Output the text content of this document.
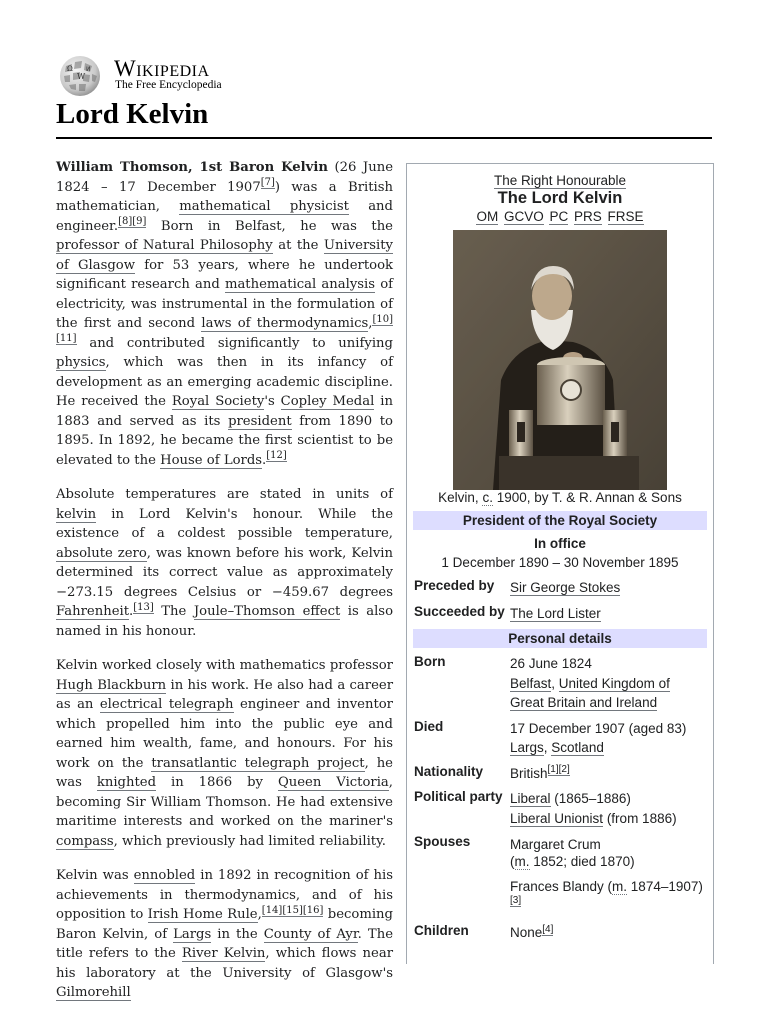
Ω
W
И Wikipedia
The Free Encyclopedia
Lord Kelvin

William Thomson, 1st Baron Kelvin (26 June 1824 – 17 December 1907[7]) was a British mathematician, mathematical physicist and engineer.[8][9] Born in Belfast, he was the professor of Natural Philosophy at the University of Glasgow for 53 years, where he undertook significant research and mathematical analysis of electricity, was instrumental in the formulation of the first and second laws of thermodynamics,[10][11] and contributed significantly to unifying physics, which was then in its infancy of development as an emerging academic discipline. He received the Royal Society's Copley Medal in 1883 and served as its president from 1890 to 1895. In 1892, he became the first scientist to be elevated to the House of Lords.[12]

Absolute temperatures are stated in units of kelvin in Lord Kelvin's honour. While the existence of a coldest possible temperature, absolute zero, was known before his work, Kelvin determined its correct value as approximately −273.15 degrees Celsius or −459.67 degrees Fahrenheit.[13] The Joule–Thomson effect is also named in his honour.

Kelvin worked closely with mathematics professor Hugh Blackburn in his work. He also had a career as an electrical telegraph engineer and inventor which propelled him into the public eye and earned him wealth, fame, and honours. For his work on the transatlantic telegraph project, he was knighted in 1866 by Queen Victoria, becoming Sir William Thomson. He had extensive maritime interests and worked on the mariner's compass, which previously had limited reliability.

Kelvin was ennobled in 1892 in recognition of his achievements in thermodynamics, and of his opposition to Irish Home Rule,[14][15][16] becoming Baron Kelvin, of Largs in the County of Ayr. The title refers to the River Kelvin, which flows near his laboratory at the University of Glasgow's Gilmorehill

The Right Honourable
The Lord Kelvin
OM GCVO PC PRS FRSE
Kelvin, c. 1900, by T. & R. Annan & Sons
President of the Royal Society
In office
1 December 1890 – 30 November 1895
Preceded by	Sir George Stokes
Succeeded by	The Lord Lister
Personal details
Born	26 June 1824
Belfast, United Kingdom of Great Britain and Ireland
Died	17 December 1907 (aged 83)
Largs, Scotland
Nationality	British[1][2]
Political party	Liberal (1865–1886)
Liberal Unionist (from 1886)
Spouses	Margaret Crum
(m. 1852; died 1870)
Frances Blandy (m. 1874–1907)
[3]

Children	None[4]
